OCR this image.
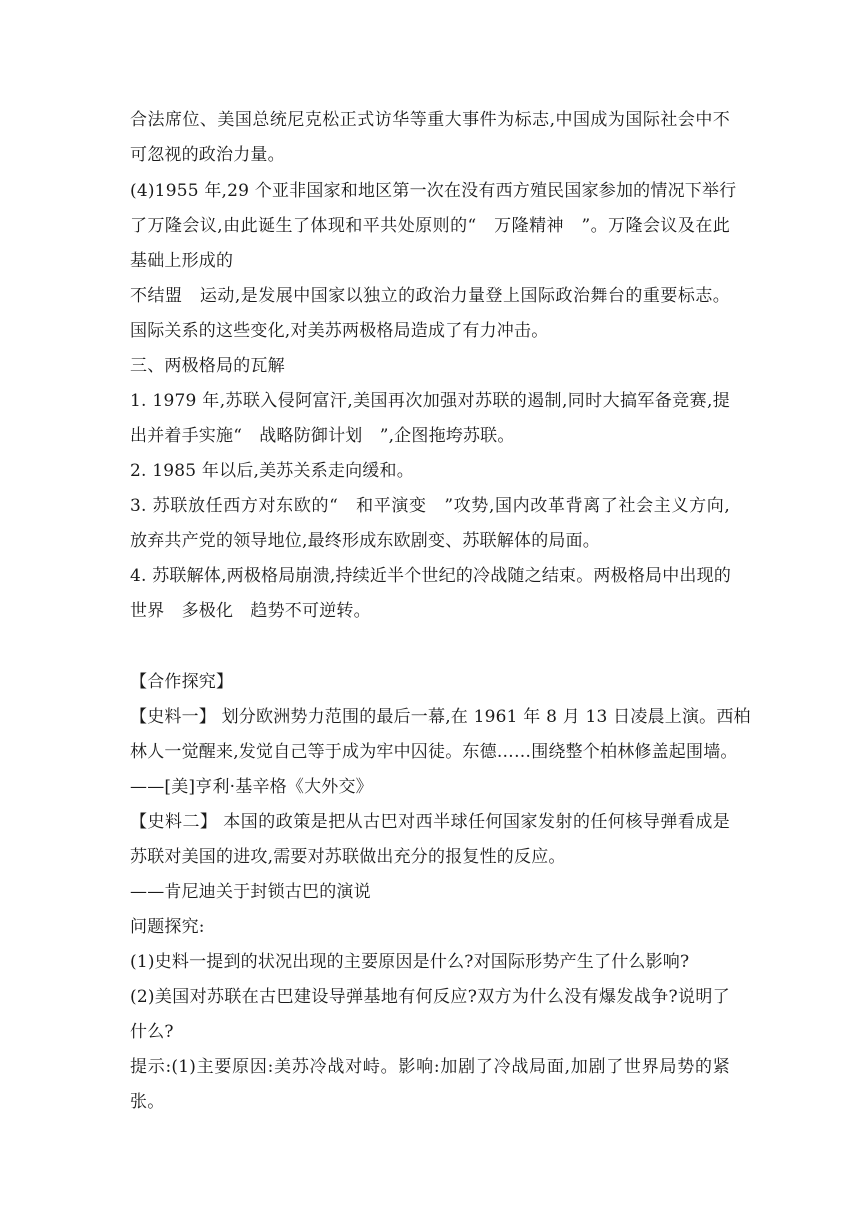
合法席位、美国总统尼克松正式访华等重大事件为标志,中国成为国际社会中不
可忽视的政治力量。
(4)1955 年,29 个亚非国家和地区第一次在没有西方殖民国家参加的情况下举行
了万隆会议,由此诞生了体现和平共处原则的“　万隆精神　”。万隆会议及在此
基础上形成的
不结盟　运动,是发展中国家以独立的政治力量登上国际政治舞台的重要标志。
国际关系的这些变化,对美苏两极格局造成了有力冲击。
三、两极格局的瓦解
1. 1979 年,苏联入侵阿富汗,美国再次加强对苏联的遏制,同时大搞军备竞赛,提
出并着手实施“　战略防御计划　”,企图拖垮苏联。
2. 1985 年以后,美苏关系走向缓和。
3. 苏联放任西方对东欧的“　和平演变　”攻势,国内改革背离了社会主义方向,
放弃共产党的领导地位,最终形成东欧剧变、苏联解体的局面。
4. 苏联解体,两极格局崩溃,持续近半个世纪的冷战随之结束。两极格局中出现的
世界　多极化　趋势不可逆转。
【合作探究】
【史料一】 划分欧洲势力范围的最后一幕,在 1961 年 8 月 13 日凌晨上演。西柏
林人一觉醒来,发觉自己等于成为牢中囚徒。东德……围绕整个柏林修盖起围墙。
——[美]亨利·基辛格《大外交》
【史料二】 本国的政策是把从古巴对西半球任何国家发射的任何核导弹看成是
苏联对美国的进攻,需要对苏联做出充分的报复性的反应。
——肯尼迪关于封锁古巴的演说
问题探究:
(1)史料一提到的状况出现的主要原因是什么?对国际形势产生了什么影响?
(2)美国对苏联在古巴建设导弹基地有何反应?双方为什么没有爆发战争?说明了
什么?
提示:(1)主要原因:美苏冷战对峙。影响:加剧了冷战局面,加剧了世界局势的紧
张。
